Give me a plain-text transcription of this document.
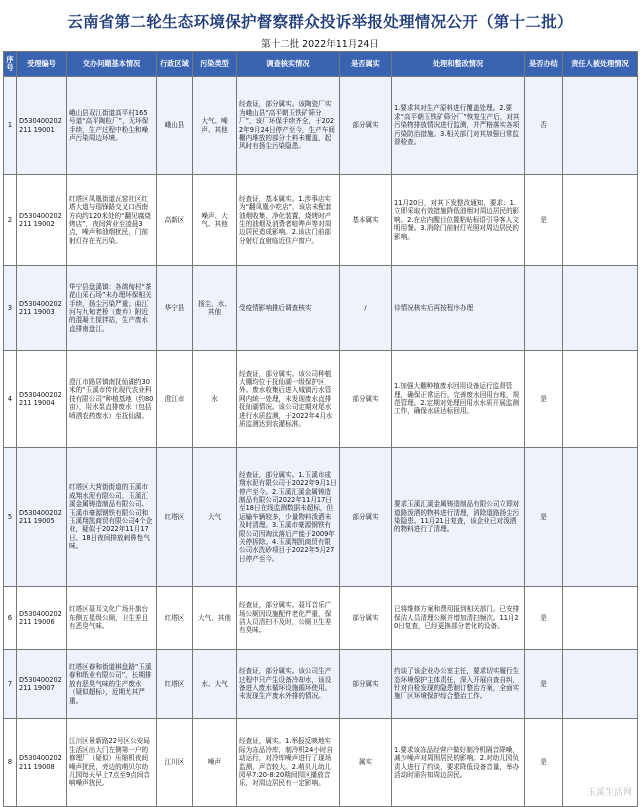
云南省第二轮生态环境保护督察群众投诉举报处理情况公开（第十二批）
第十二批 2022年11月24日
序号	受理编号	交办问题基本情况	行政区域	污染类型	调查核实情况	是否属实	处理和整改情况	是否办结	责任人被处理情况
1	D530400202211 19001	峨山县双江街道高平村165号道“高平陶粒厂”，无环保手续，生产过程中粉尘和噪声污染周边环境。	峨山县	大气、噪声、其他	经查证，部分属实。该陶瓷厂实为峨山县“高平朝玉铁矿筛分厂”，该厂环保手续齐全，于2022年9月24日停产至今，生产车间棚内堆放的部分土料未覆盖，起风时有扬尘污染隐患。	部分属实	1.要求其对生产原料进行覆盖处理。2.要求“高平朝玉铁矿筛分厂”恢复生产后，对其污染物排放情况进行监测，并严格落实各项污染防治措施。3.相关部门对其加强日常监督检查。	否	
2	D530400202211 19002	红塔区凤凰街道瓦窑社区红塔大道与瑞锋路交叉口西南方向约120米处的“翻见腐烧烤店”，夜间营业至凌晨3点，噪声和油烟扰民，门前射灯存在光污染。	高新区	噪声、大气、其他	经查证，基本属实。1.涉事店实为“翻凤凰小吃店”，该店未配套油烟收集、净化装置，烧烤时产生的油烟及消费者喧哗声等对周边居民造成影响。2.该店门前部分射灯直射临近住户窗户。	基本属实	11月20日，对其下发整改通知，要求：1.立即采取有效措施降低油烟对周边居民的影响。2.在店内醒目位置粘贴标语引导客人文明用餐。3.消除门前射灯光照对周边居民的影响。	是	
3	D530400202211 19003	华宁县盘溪镇：各鸽甸村“茶花山采石场”未办理环保相关手续，扬尘污染严重；曲江河与九甸老桥（废弃）附近的混凝土搅拌站，生产废水直排南盘江。	华宁县	扬尘、水、其他	受疫情影响推后调查核实	/	待情况核实后再按程序办理		
4	D530400202211 19004	澄江市路居镇南抚仙湖约30米的“玉溪市传化现代农业科技有限公司”种植基地（约80亩），用水泵直排废水（包括喷洒农药废水）至抚仙湖。	澄江市	水	经查证，部分属实。该公司种植大棚均位于抚仙湖一级保护区外。废水收集后进入城镇污水管网内统一处理，未发现废水直排抚仙湖情况。该公司定期对尾水进行水质监测，于2022年4月水质监测达到农灌标准。	部分属实	1.加强大棚种植废水回用设备运行监督管理，确保正常运行。完善废水回用台账，规范管理。2.定期对处理回用水水质开展监测工作，确保水质达标回用。	是	
5	D530400202211 19005	红塔区大营街街道的玉溪市成翔水泥有限公司、玉溪汇溪金属铸造制品有限公司、玉溪市豪源钢铁有限公司和玉溪翔凯商贸有限公司4个企业，疑似于2022年11月17日、18日夜间排放刺鼻性气味。	红塔区	大气	经查证，部分属实。1.玉溪市成翔水泥有限公司于2022年9月1日停产至今。2.玉溪汇溪金属铸造制品有限公司2022年11月17日至18日在线监测数据未超标，但运输车辆较多，少量物料泼洒未及时清理。3.玉溪市豪源钢铁有限公司因淘汰落后产能于2009年关停拆除。4.玉溪翔凯商贸有限公司水洗砂项目于2022年5月27日停产至今。	部分属实	要求玉溪汇溪金属铸造制品有限公司立即对道路泼洒的物料进行清理，消除道路扬尘污染隐患。11月21日复查，该企业已对泼洒的物料进行了清理。	是	
6	D530400202211 19006	红塔区聂耳文化广场升旗台东侧五星级公厕，卫生差且有恶臭气味。	红塔区	大气、其他	经查证，部分属实。聂耳音乐广场公厕因设施配件老化严重，保洁人员清扫不及时，公厕卫生差有臭味。	部分属实	已将维修方案和费用报到相关部门。已安排保洁人员清理公厕并增加清扫频次。11月20日复查，已经更换部分老化的设备。	是	
7	D530400202211 19007	红塔区春和街道棋盘路“玉溪春和纸业有限公司”，长期排放有恶臭气味的生产废水（疑似超标），近期尤其严重。	红塔区	水、大气	经查证，部分属实。该公司生产过程中只产生设备冷却水，该设备进入废水循环设施循环使用。未发现生产废水外排的情况。	部分属实	约谈了该企业办公室主任，要求切实履行生态环境保护主体责任，深入开展自查自纠，针对自检发现的隐患制订整治方案，全面实施厂区环境保护综合整治工作。	是	
8	D530400202211 19008	江川区景新路22号区公安局生活区出大门左侧第一户的修理厂（疑似）压缩机夜间噪声扰民，旁边的萌贝尔幼儿园每天早上7点至9点间音响噪声扰民。	江川区	噪声	经查证，属实。1.举报反映地实际为冻品冷库，制冷机24小时自动运行，对冷库噪声进行了现场监测，声音较大。2.萌贝儿幼儿园早7:20-8:20期间园区播放音乐，对周边居民有一定影响。	属实	1.要求该冻品经营户做好制冷机隔音降噪，减少噪声对周围居民的影响。2.对幼儿园负责人进行了约谈，要求降低设备音量，举办活动时需告知周边居民。	是	
玉溪生活网
